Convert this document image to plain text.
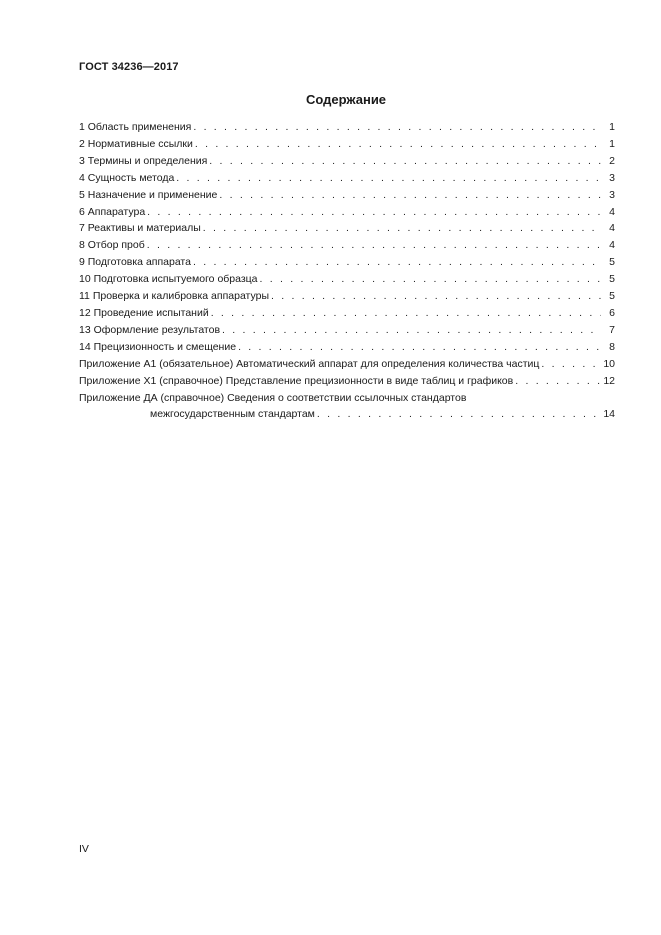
ГОСТ 34236—2017
Содержание
1 Область применения . . .	1
2 Нормативные ссылки . . .	1
3 Термины и определения . . .	2
4 Сущность метода . . .	3
5 Назначение и применение . . .	3
6 Аппаратура . . .	4
7 Реактивы и материалы . . .	4
8 Отбор проб . . .	4
9 Подготовка аппарата . . .	5
10 Подготовка испытуемого образца . . .	5
11 Проверка и калибровка аппаратуры . . .	5
12 Проведение испытаний . . .	6
13 Оформление результатов . . .	7
14 Прецизионность и смещение . . .	8
Приложение А1 (обязательное) Автоматический аппарат для определения количества частиц . . .	10
Приложение Х1 (справочное) Представление прецизионности в виде таблиц и графиков . . .	12
Приложение ДА (справочное) Сведения о соответствии ссылочных стандартов
межгосударственным стандартам . . .	14
IV
